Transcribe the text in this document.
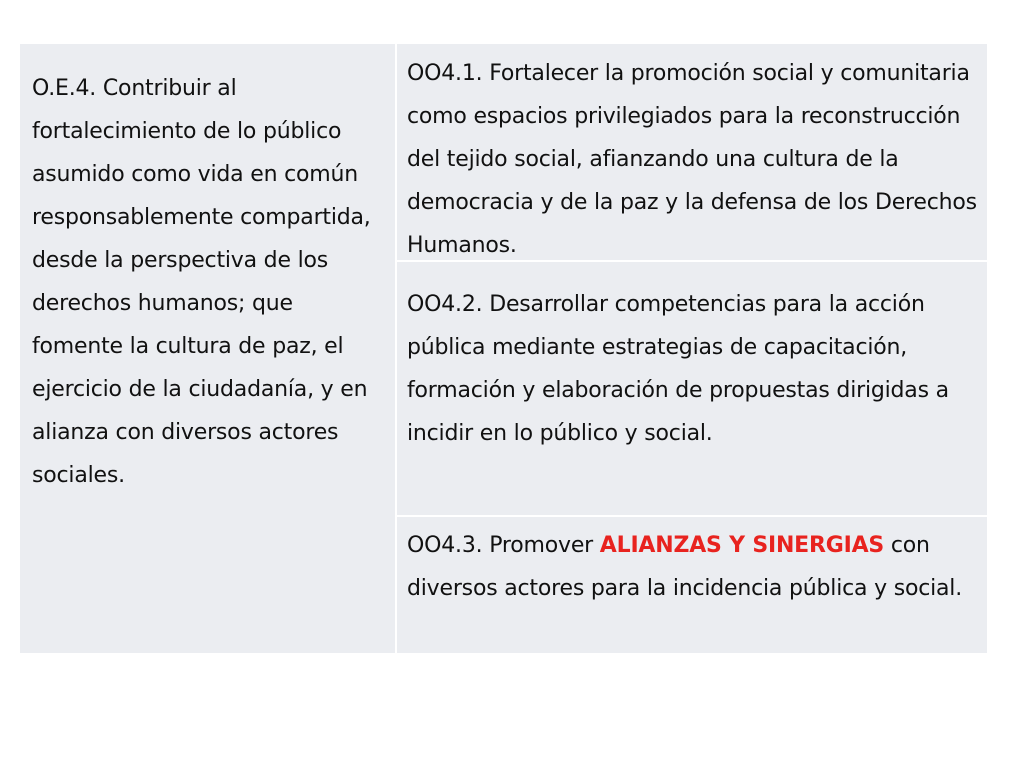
O.E.4. Contribuir al fortalecimiento de lo público asumido como vida en común responsablemente compartida, desde la perspectiva de los derechos humanos; que fomente la cultura de paz, el ejercicio de la ciudadanía, y en alianza con diversos actores sociales.

OO4.1. Fortalecer la promoción social y comunitaria como espacios privilegiados para la reconstrucción del tejido social, afianzando una cultura de la democracia y de la paz y la defensa de los Derechos Humanos.

OO4.2. Desarrollar competencias para la acción pública mediante estrategias de capacitación, formación y elaboración de propuestas dirigidas a incidir en lo público y social.

OO4.3. Promover ALIANZAS Y SINERGIAS con diversos actores para la incidencia pública y social.
